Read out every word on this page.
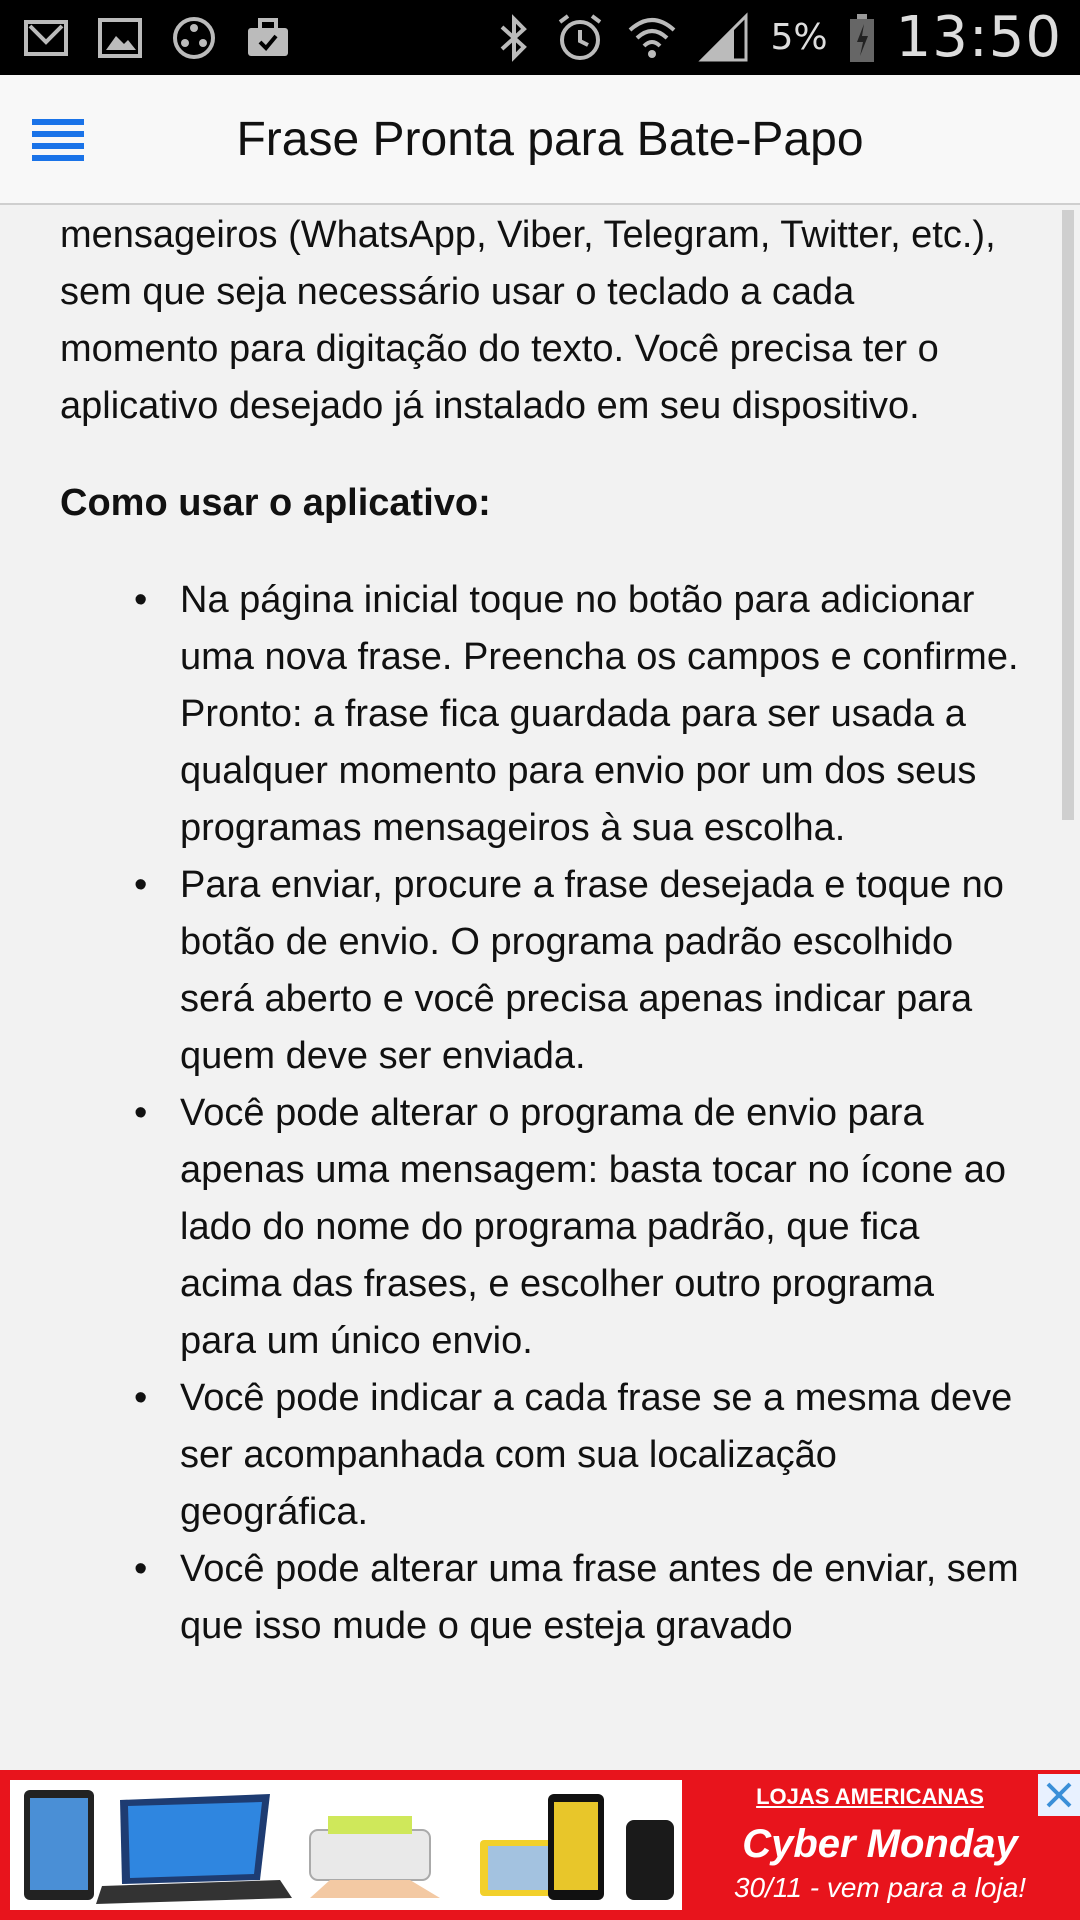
5% 13:50
Frase Pronta para Bate-Papo

mensageiros (WhatsApp, Viber, Telegram, Twitter, etc.), sem que seja necessário usar o teclado a cada momento para digitação do texto. Você precisa ter o aplicativo desejado já instalado em seu dispositivo.

Como usar o aplicativo:

• Na página inicial toque no botão para adicionar uma nova frase. Preencha os campos e confirme. Pronto: a frase fica guardada para ser usada a qualquer momento para envio por um dos seus programas mensageiros à sua escolha.
• Para enviar, procure a frase desejada e toque no botão de envio. O programa padrão escolhido será aberto e você precisa apenas indicar para quem deve ser enviada.
• Você pode alterar o programa de envio para apenas uma mensagem: basta tocar no ícone ao lado do nome do programa padrão, que fica acima das frases, e escolher outro programa para um único envio.
• Você pode indicar a cada frase se a mesma deve ser acompanhada com sua localização geográfica.
• Você pode alterar uma frase antes de enviar, sem que isso mude o que esteja gravado
LOJAS AMERICANAS
Cyber Monday
30/11 - vem para a loja!
